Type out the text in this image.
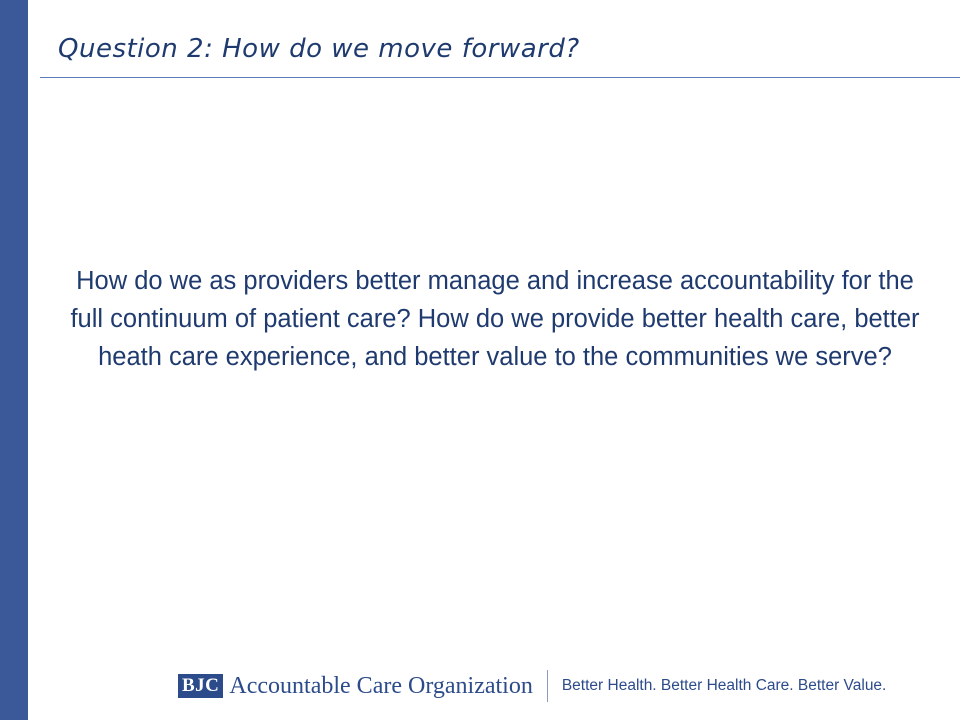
Question 2: How do we move forward?

How do we as providers better manage and increase accountability for the full continuum of patient care? How do we provide better health care, better heath care experience, and better value to the communities we serve?

BJC Accountable Care Organization Better Health. Better Health Care. Better Value.
